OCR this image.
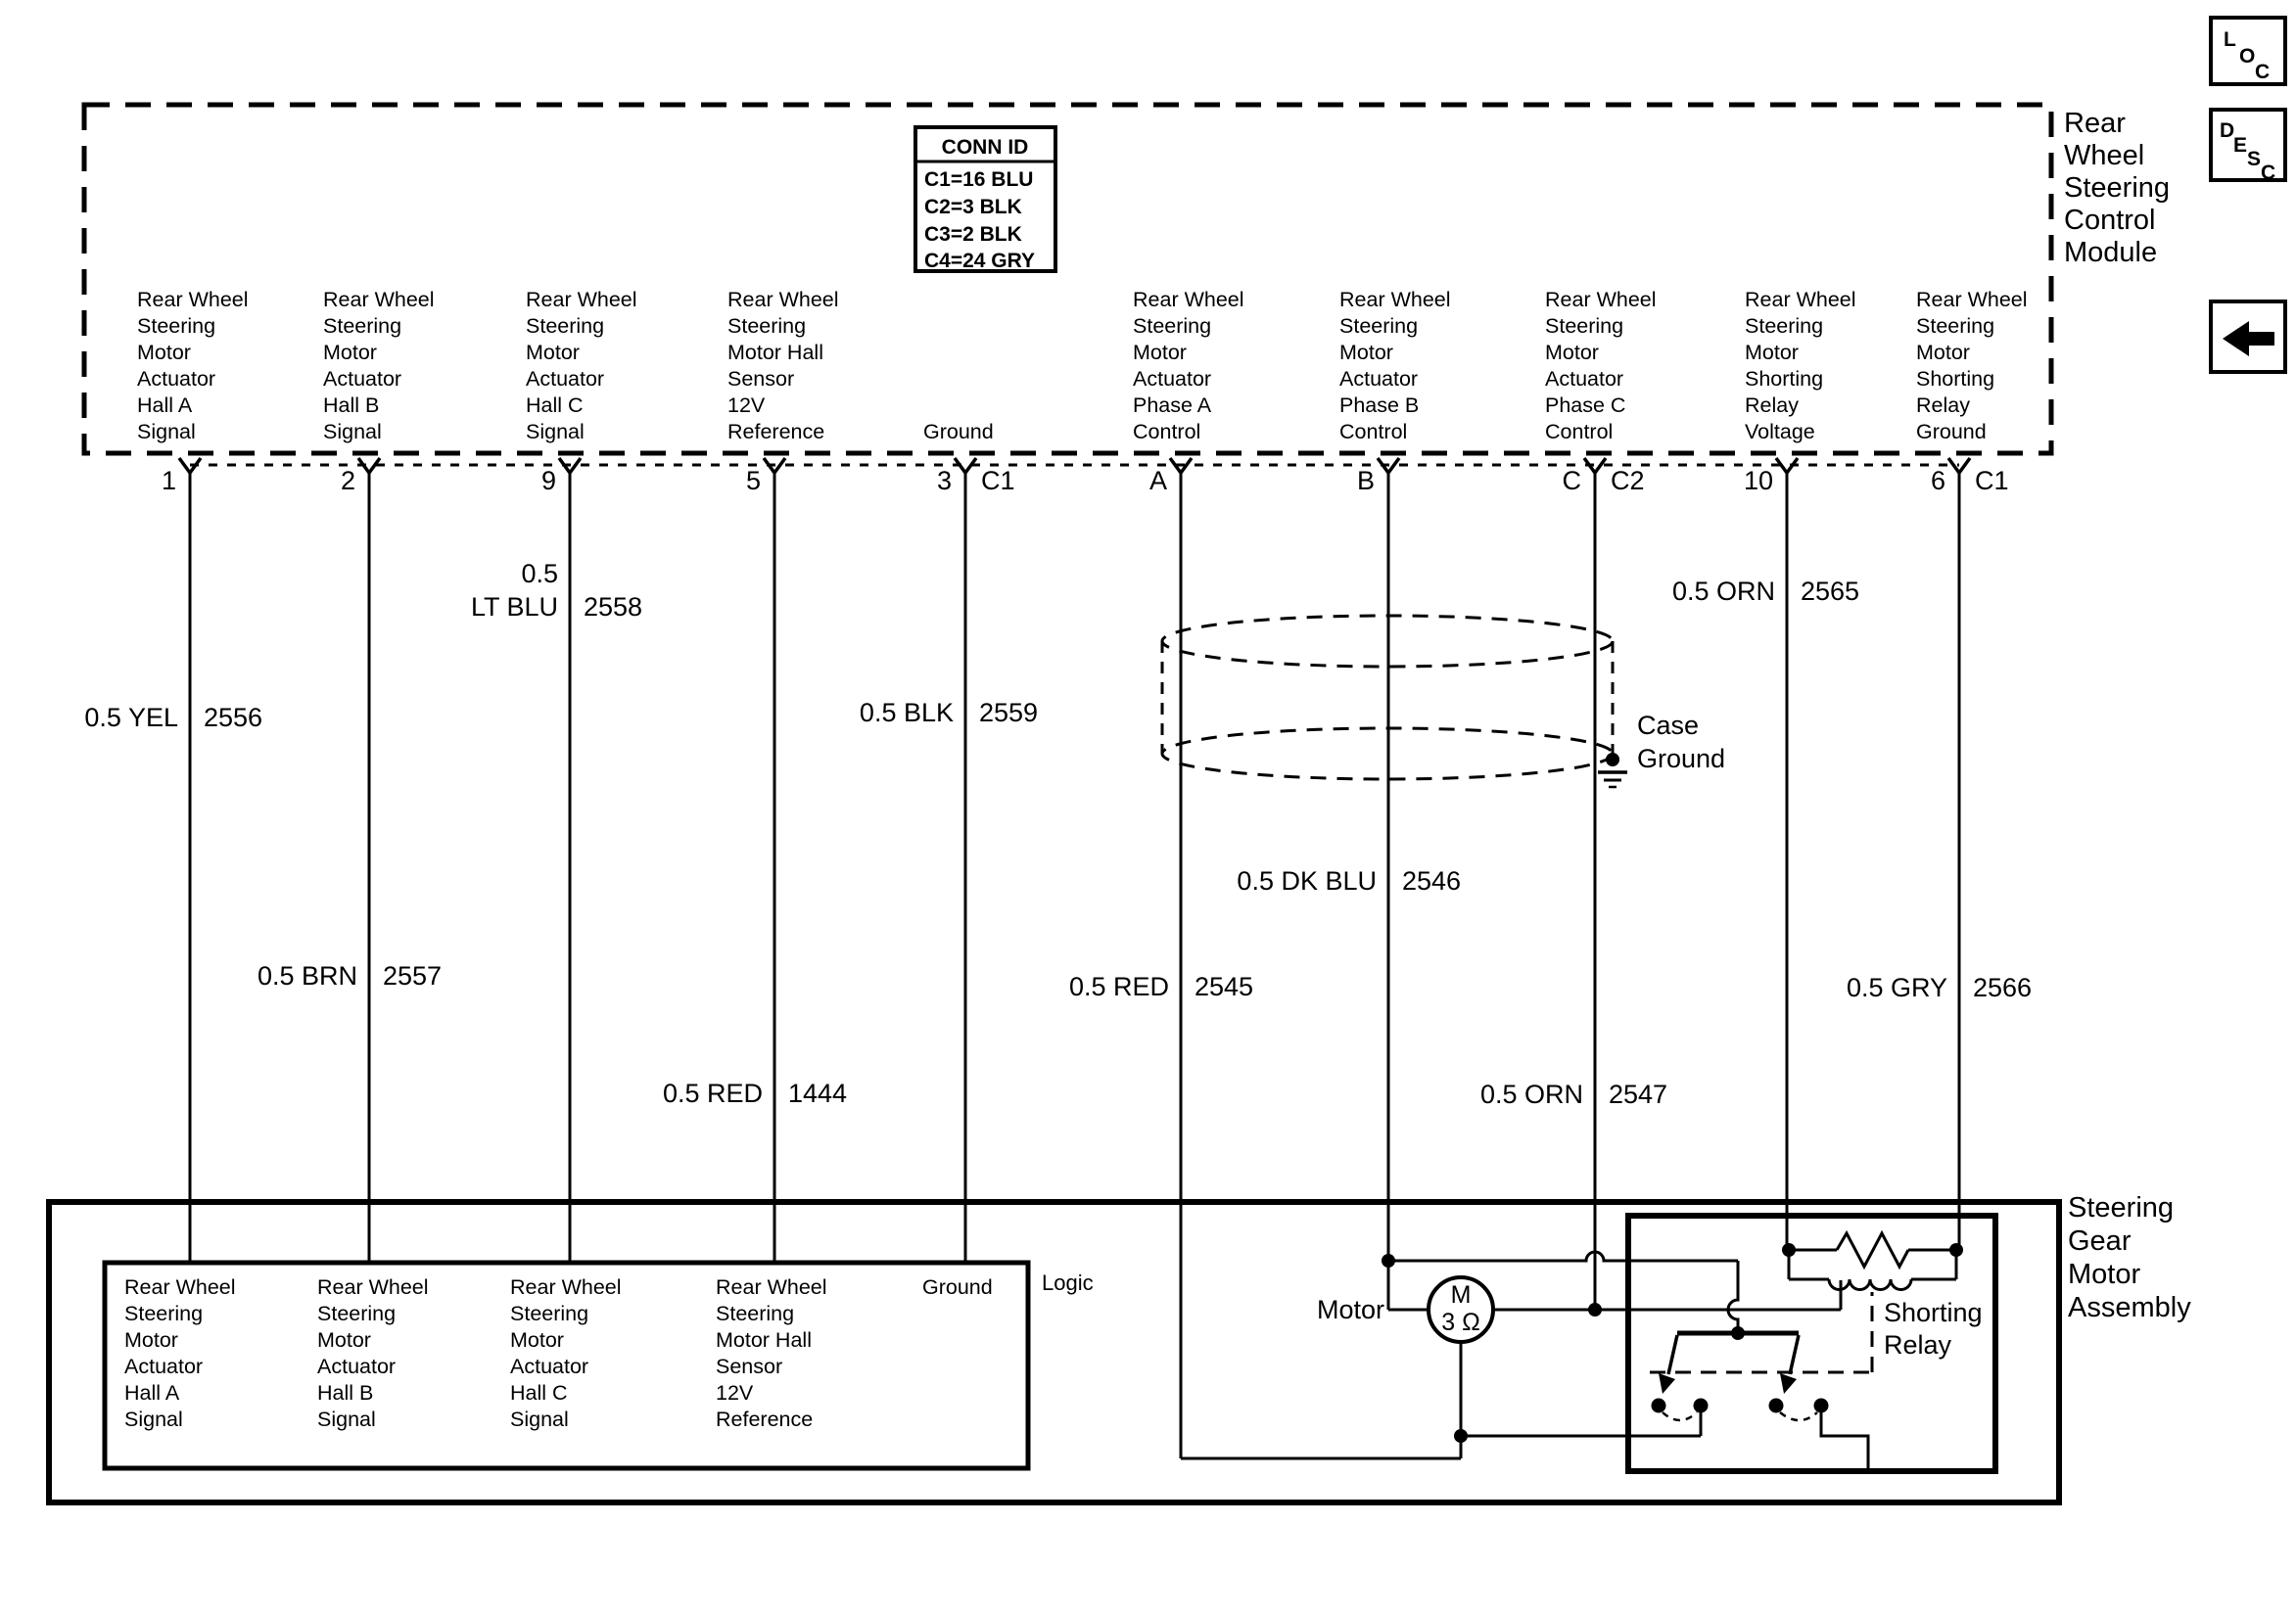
CONN ID
C1=16 BLU
C2=3 BLK
C3=2 BLK
C4=24 GRY
Rear Wheel Steering Motor Actuator Hall A Signal
Rear Wheel Steering Motor Actuator Hall B Signal
Rear Wheel Steering Motor Actuator Hall C Signal
Rear Wheel Steering Motor Hall Sensor 12V Reference	Ground
Rear Wheel Steering Motor Actuator Phase A Control
Rear Wheel Steering Motor Actuator Phase B Control
Rear Wheel Steering Motor Actuator Phase C Control
Rear Wheel Steering Motor Shorting Relay Voltage
Rear Wheel Steering Motor Shorting Relay Ground
1	2	9	5	3 C1	A	B	C C2	10	6 C1
0.5 YEL 2556
0.5 BRN 2557
0.5 LT BLU 2558
0.5 RED 1444
0.5 BLK 2559
0.5 RED 2545
0.5 DK BLU 2546
0.5 ORN 2547
0.5 ORN 2565
0.5 GRY 2566
Case Ground
Rear Wheel Steering Control Module
L
O
C
D
E
S
C
Steering Gear Motor Assembly
Logic
Rear Wheel Steering Motor Actuator Hall A Signal
Rear Wheel Steering Motor Actuator Hall B Signal
Rear Wheel Steering Motor Actuator Hall C Signal
Rear Wheel Steering Motor Hall Sensor 12V Reference
Ground
Motor	M
3 Ω	Shorting Relay
